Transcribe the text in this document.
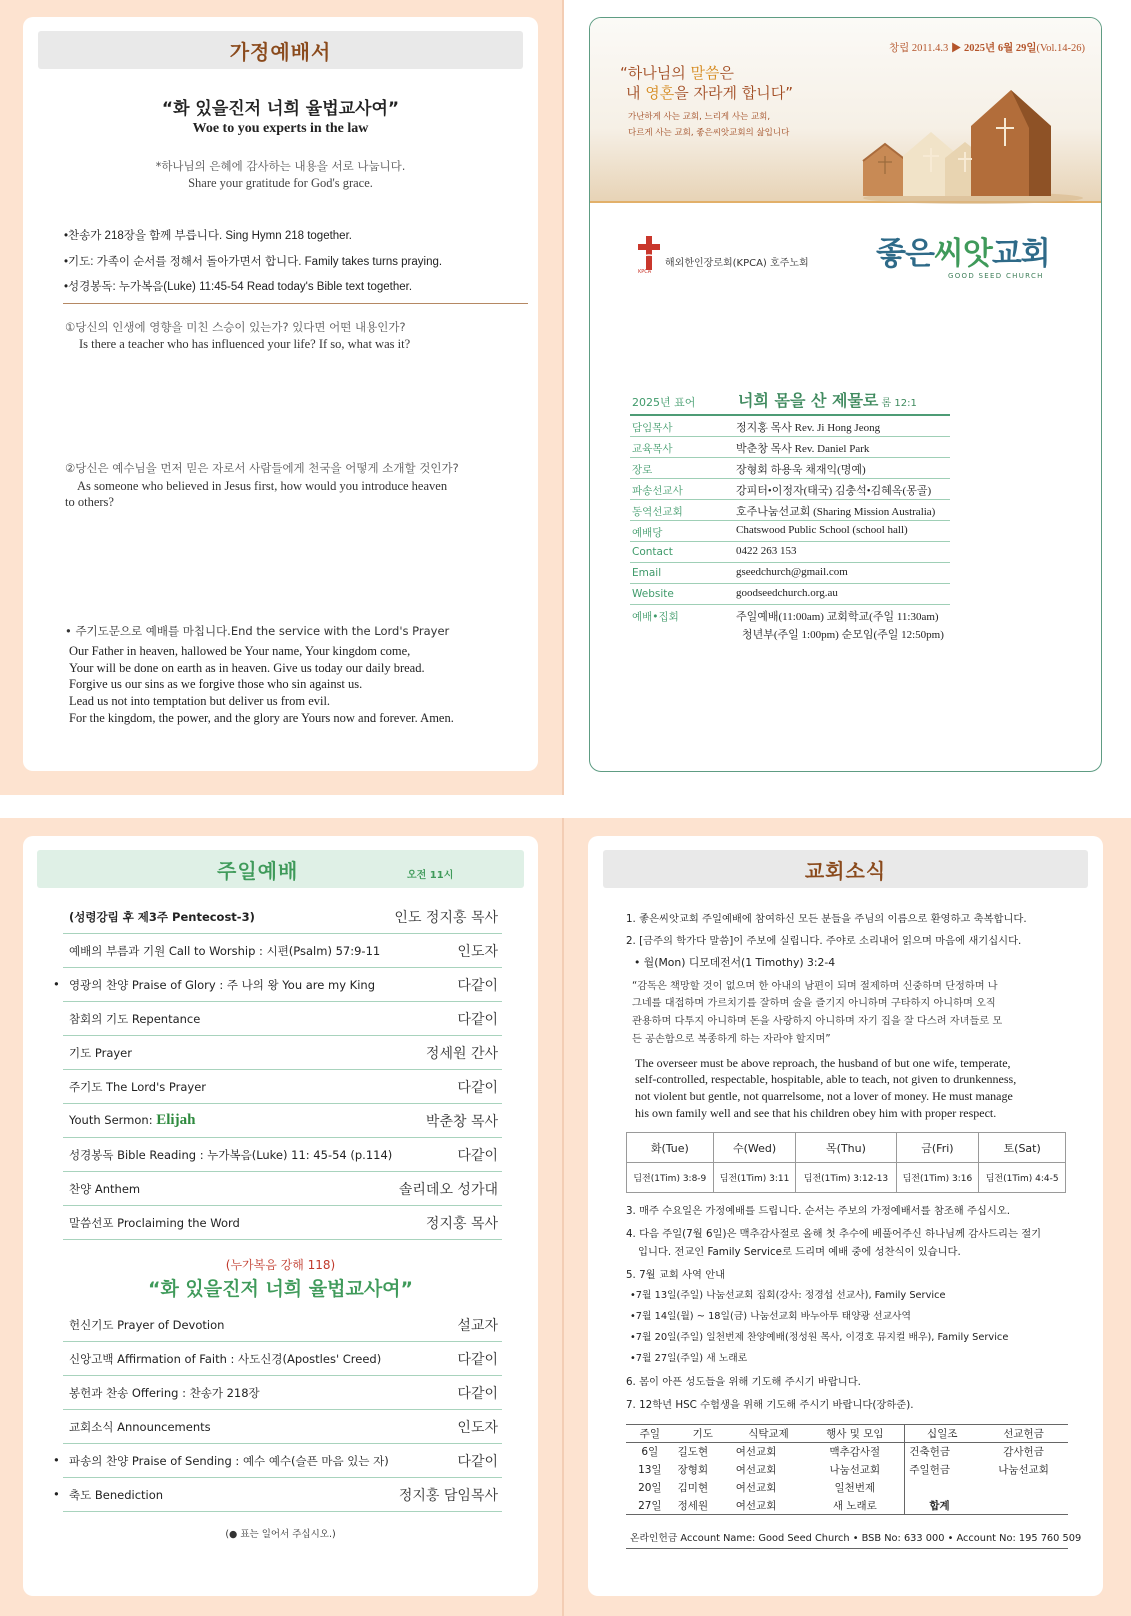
가정예배서
“화 있을진저 너희 율법교사여”
Woe to you experts in the law
*하나님의 은혜에 감사하는 내용을 서로 나눕니다.
Share your gratitude for God's grace.
•찬송가 218장을 함께 부릅니다. Sing Hymn 218 together.
•기도: 가족이 순서를 정해서 돌아가면서 합니다. Family takes turns praying.
•성경봉독: 누가복음(Luke) 11:45-54 Read today's Bible text together.
①당신의 인생에 영향을 미친 스승이 있는가? 있다면 어떤 내용인가?
Is there a teacher who has influenced your life? If so, what was it?
②당신은 예수님을 먼저 믿은 자로서 사람들에게 천국을 어떻게 소개할 것인가?
As someone who believed in Jesus first, how would you introduce heaven
to others?
• 주기도문으로 예배를 마칩니다.End the service with the Lord's Prayer
Our Father in heaven, hallowed be Your name, Your kingdom come,
Your will be done on earth as in heaven. Give us today our daily bread.
Forgive us our sins as we forgive those who sin against us.
Lead us not into temptation but deliver us from evil.
For the kingdom, the power, and the glory are Yours now and forever. Amen.
창립 2011.4.3 ▶ 2025년 6월 29일(Vol.14-26)
“하나님의 말씀은
내 영혼을 자라게 합니다”
가난하게 사는 교회, 느리게 사는 교회,
다르게 사는 교회, 좋은씨앗교회의 삶입니다
KPCA
해외한인장로회(KPCA) 호주노회 좋은씨앗교회
GOOD SEED CHURCH
2025년 표어	너희 몸을 산 제물로 롬 12:1
담임목사	정지홍 목사 Rev. Ji Hong Jeong
교육목사	박춘창 목사 Rev. Daniel Park
장로	장형회 하용욱 채재익(명예)
파송선교사	강피터•이정자(태국) 김충석•김혜옥(몽골)
동역선교회	호주나눔선교회 (Sharing Mission Australia)
예배당	Chatswood Public School (school hall)
Contact	0422 263 153
Email	gseedchurch@gmail.com
Website	goodseedchurch.org.au
예배•집회	주일예배(11:00am) 교회학교(주일 11:30am)
청년부(주일 1:00pm) 순모임(주일 12:50pm)
주일예배	오전 11시
(성령강림 후 제3주 Pentecost-3)	인도 정지홍 목사
예배의 부름과 기원 Call to Worship : 시편(Psalm) 57:9-11	인도자
• 영광의 찬양 Praise of Glory : 주 나의 왕 You are my King	다같이
참회의 기도 Repentance	다같이
기도 Prayer	정세원 간사
주기도 The Lord's Prayer	다같이
Youth Sermon: Elijah	박춘창 목사
성경봉독 Bible Reading : 누가복음(Luke) 11: 45-54 (p.114)	다같이
찬양 Anthem	솔리데오 성가대
말씀선포 Proclaiming the Word	정지홍 목사
(누가복음 강해 118)
“화 있을진저 너희 율법교사여”
헌신기도 Prayer of Devotion	설교자
신앙고백 Affirmation of Faith : 사도신경(Apostles' Creed)	다같이
봉헌과 찬송 Offering : 찬송가 218장	다같이
교회소식 Announcements	인도자
• 파송의 찬양 Praise of Sending : 예수 예수(슬픈 마음 있는 자)	다같이
• 축도 Benediction	정지홍 담임목사
(● 표는 일어서 주십시오.)
교회소식
1. 좋은씨앗교회 주일예배에 참여하신 모든 분들을 주님의 이름으로 환영하고 축복합니다.
2. [금주의 학가다 말씀]이 주보에 실립니다. 주야로 소리내어 읽으며 마음에 새기십시다.
• 월(Mon) 디모데전서(1 Timothy) 3:2-4
“감독은 책망할 것이 없으며 한 아내의 남편이 되며 절제하며 신중하며 단정하며 나
그네를 대접하며 가르치기를 잘하며 술을 즐기지 아니하며 구타하지 아니하며 오직
관용하며 다투지 아니하며 돈을 사랑하지 아니하며 자기 집을 잘 다스려 자녀들로 모
든 공손함으로 복종하게 하는 자라야 할지며”
The overseer must be above reproach, the husband of but one wife, temperate,
self-controlled, respectable, hospitable, able to teach, not given to drunkenness,
not violent but gentle, not quarrelsome, not a lover of money. He must manage
his own family well and see that his children obey him with proper respect.
화(Tue)	수(Wed)	목(Thu)	금(Fri)	토(Sat)
딤전(1Tim) 3:8-9	딤전(1Tim) 3:11	딤전(1Tim) 3:12-13	딤전(1Tim) 3:16	딤전(1Tim) 4:4-5
3. 매주 수요일은 가정예배를 드립니다. 순서는 주보의 가정예배서를 참조해 주십시오.
4. 다음 주일(7월 6일)은 맥추감사절로 올해 첫 추수에 베풀어주신 하나님께 감사드리는 절기
입니다. 전교인 Family Service로 드리며 예배 중에 성찬식이 있습니다.
5. 7월 교회 사역 안내
•7월 13일(주일) 나눔선교회 집회(강사: 정경섭 선교사), Family Service
•7월 14일(월) ~ 18일(금) 나눔선교회 바누아투 태양광 선교사역
•7월 20일(주일) 일천번제 찬양예배(정성원 목사, 이경호 뮤지컬 배우), Family Service
•7월 27일(주일) 새 노래로
6. 몸이 아픈 성도들을 위해 기도해 주시기 바랍니다.
7. 12학년 HSC 수험생을 위해 기도해 주시기 바랍니다(장하준).
주일	기도	식탁교제	행사 및 모임	십일조	선교헌금
6일	길도현	여선교회	맥추감사절	건축헌금	감사헌금
13일	장형회	여선교회	나눔선교회	주일헌금	나눔선교회
20일	김미현	여선교회	일천번제		
27일	정세원	여선교회	새 노래로	합계	
온라인헌금 Account Name: Good Seed Church • BSB No: 633 000 • Account No: 195 760 509
